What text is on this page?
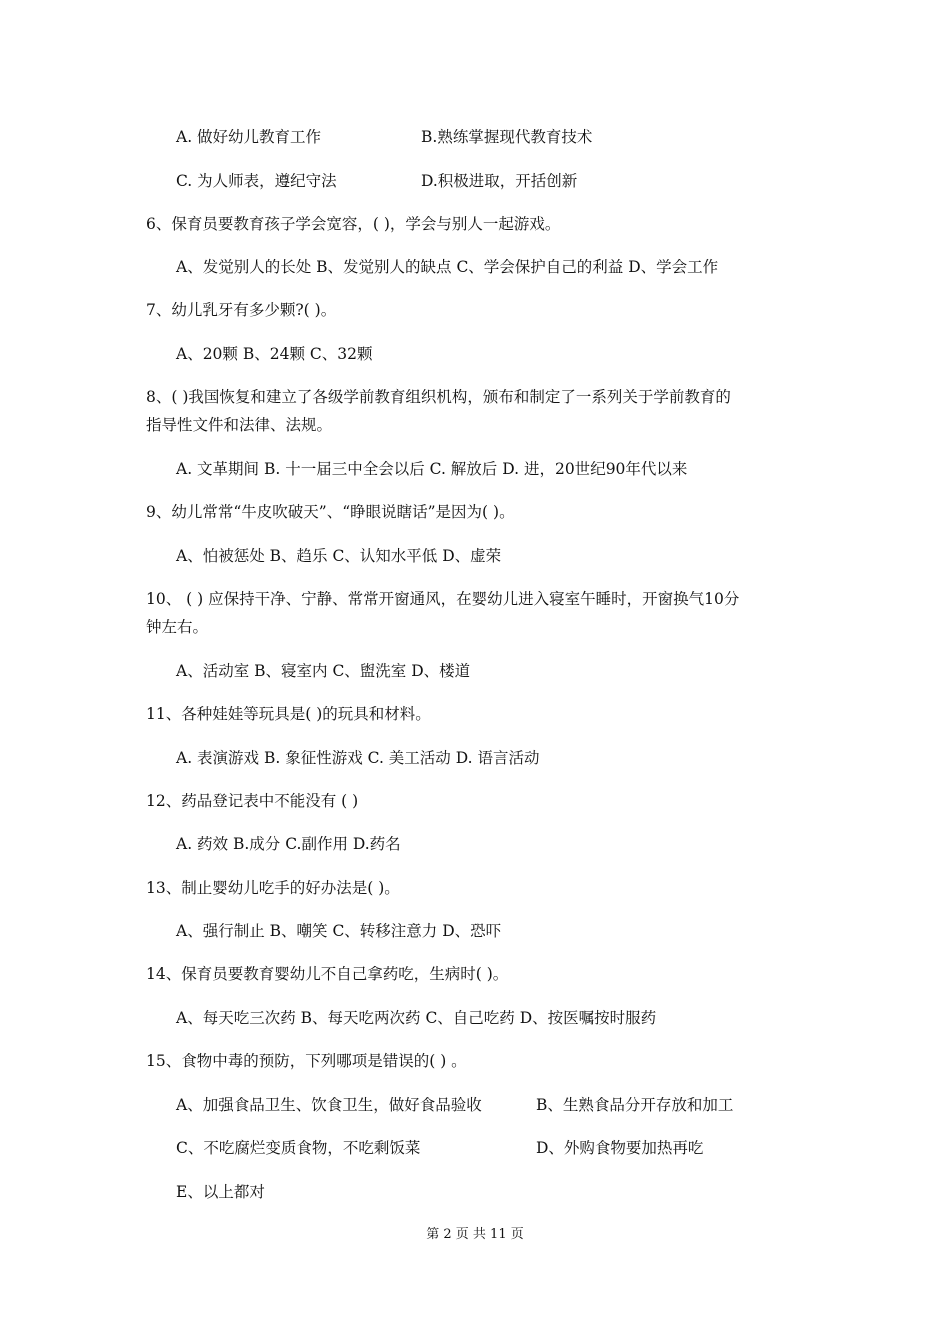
A. 做好幼儿教育工作	B.熟练掌握现代教育技术
C. 为人师表，遵纪守法	D.积极进取，开括创新
6、保育员要教育孩子学会宽容，( )，学会与别人一起游戏。
A、发觉别人的长处 B、发觉别人的缺点 C、学会保护自己的利益 D、学会工作
7、幼儿乳牙有多少颗?( )。
A、20颗 B、24颗 C、32颗
8、( )我国恢复和建立了各级学前教育组织机构，颁布和制定了一系列关于学前教育的
指导性文件和法律、法规。
A. 文革期间 B. 十一届三中全会以后 C. 解放后 D. 进，20世纪90年代以来
9、幼儿常常“牛皮吹破天”、“睁眼说瞎话”是因为( )。
A、怕被惩处 B、趋乐 C、认知水平低 D、虚荣
10、 ( ) 应保持干净、宁静、常常开窗通风，在婴幼儿进入寝室午睡时，开窗换气10分
钟左右。
A、活动室 B、寝室内 C、盥洗室 D、楼道
11、各种娃娃等玩具是( )的玩具和材料。
A. 表演游戏 B. 象征性游戏 C. 美工活动 D. 语言活动
12、药品登记表中不能没有 ( )
A. 药效 B.成分 C.副作用 D.药名
13、制止婴幼儿吃手的好办法是( )。
A、强行制止 B、嘲笑 C、转移注意力 D、恐吓
14、保育员要教育婴幼儿不自己拿药吃，生病时( )。
A、每天吃三次药 B、每天吃两次药 C、自己吃药 D、按医嘱按时服药
15、食物中毒的预防，下列哪项是错误的( ) 。
A、加强食品卫生、饮食卫生，做好食品验收	B、生熟食品分开存放和加工
C、不吃腐烂变质食物，不吃剩饭菜	D、外购食物要加热再吃
E、以上都对
第 2 页 共 11 页
